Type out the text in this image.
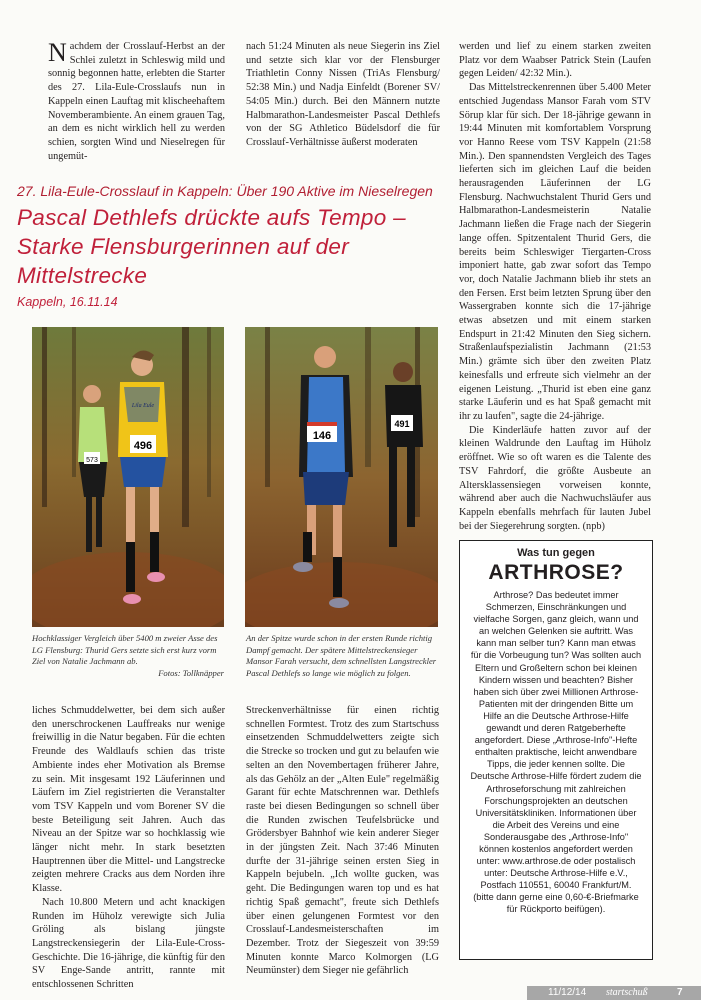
Nachdem der Crosslauf-Herbst an der Schlei zuletzt in Schleswig mild und sonnig begonnen hatte, erlebten die Starter des 27. Lila-Eule-Crosslaufs nun in Kappeln einen Lauftag mit klischeehaftem Novemberambiente. An einem grauen Tag, an dem es nicht wirklich hell zu werden schien, sorgten Wind und Nieselregen für ungemüt-

nach 51:24 Minuten als neue Siegerin ins Ziel und setzte sich klar vor der Flensburger Triathletin Conny Nissen (TriAs Flensburg/ 52:38 Min.) und Nadja Einfeldt (Borener SV/ 54:05 Min.) durch. Bei den Männern nutzte Halbmarathon-Landesmeister Pascal Dethlefs von der SG Athletico Büdelsdorf die für Crosslauf-Verhältnisse äußerst moderaten

werden und lief zu einem starken zweiten Platz vor dem Waabser Patrick Stein (Laufen gegen Leiden/ 42:32 Min.).

Das Mittelstreckenrennen über 5.400 Meter entschied Jugendass Mansor Farah vom STV Sörup klar für sich. Der 18-jährige gewann in 19:44 Minuten mit komfortablem Vorsprung vor Hanno Reese vom TSV Kappeln (21:58 Min.). Den spannendsten Vergleich des Tages lieferten sich im gleichen Lauf die beiden herausragenden Läuferinnen der LG Flensburg. Nachwuchstalent Thurid Gers und Halbmarathon-Landesmeisterin Natalie Jachmann ließen die Frage nach der Siegerin lange offen. Spitzentalent Thurid Gers, die bereits beim Schleswiger Tiergarten-Cross imponiert hatte, gab zwar sofort das Tempo vor, doch Natalie Jachmann blieb ihr stets an den Fersen. Erst beim letzten Sprung über den Wassergraben konnte sich die 17-jährige etwas absetzen und mit einem starken Endspurt in 21:42 Minuten den Sieg sichern. Straßenlaufspezialistin Jachmann (21:53 Min.) grämte sich über den zweiten Platz keinesfalls und erfreute sich vielmehr an der eigenen Leistung. „Thurid ist eben eine ganz starke Läuferin und es hat Spaß gemacht mit ihr zu laufen", sagte die 24-jährige.

Die Kinderläufe hatten zuvor auf der kleinen Waldrunde den Lauftag im Hüholz eröffnet. Wie so oft waren es die Talente des TSV Fahrdorf, die größte Ausbeute an Altersklassensiegen vorweisen konnte, während aber auch die Nachwuchsläufer aus Kappeln ebenfalls mehrfach für lauten Jubel bei der Siegerehrung sorgten. (npb)

27. Lila-Eule-Crosslauf in Kappeln: Über 190 Aktive im Nieselregen
Pascal Dethlefs drückte aufs Tempo –
Starke Flensburgerinnen auf der
Mittelstrecke
Kappeln, 16.11.14
573
Lila Eule
496
491
146
Hochklassiger Vergleich über 5400 m zweier Asse des LG Flensburg: Thurid Gers setzte sich erst kurz vorm Ziel von Natalie Jachmann ab.
Fotos: Tollknäpper
An der Spitze wurde schon in der ersten Runde richtig Dampf gemacht. Der spätere Mittelstreckensieger Mansor Farah versucht, dem schnellsten Langstreckler Pascal Dethlefs so lange wie möglich zu folgen.

liches Schmuddelwetter, bei dem sich außer den unerschrockenen Lauffreaks nur wenige freiwillig in die Natur begaben. Für die echten Freunde des Waldlaufs schien das triste Ambiente indes eher Motivation als Bremse zu sein. Mit insgesamt 192 Läuferinnen und Läufern im Ziel registrierten die Veranstalter vom TSV Kappeln und vom Borener SV die beste Beteiligung seit Jahren. Auch das Niveau an der Spitze war so hochklassig wie länger nicht mehr. In stark besetzten Hauptrennen über die Mittel- und Langstrecke zeigten mehrere Cracks aus dem Norden ihre Klasse.

Nach 10.800 Metern und acht knackigen Runden im Hüholz verewigte sich Julia Gröling als bislang jüngste Langstreckensiegerin der Lila-Eule-Cross-Geschichte. Die 16-jährige, die künftig für den SV Enge-Sande antritt, rannte mit entschlossenen Schritten

Streckenverhältnisse für einen richtig schnellen Formtest. Trotz des zum Startschuss einsetzenden Schmuddelwetters zeigte sich die Strecke so trocken und gut zu belaufen wie selten an den Novembertagen früherer Jahre, als das Gehölz an der „Alten Eule" regelmäßig Garant für echte Matschrennen war. Dethlefs raste bei diesen Bedingungen so schnell über die Runden zwischen Teufelsbrücke und Grödersbyer Bahnhof wie kein anderer Sieger in der jüngsten Zeit. Nach 37:46 Minuten durfte der 31-jährige seinen ersten Sieg in Kappeln bejubeln. „Ich wollte gucken, was geht. Die Bedingungen waren top und es hat richtig Spaß gemacht", freute sich Dethlefs über einen gelungenen Formtest vor den Crosslauf-Landesmeisterschaften im Dezember. Trotz der Siegeszeit von 39:59 Minuten konnte Marco Kolmorgen (LG Neumünster) dem Sieger nie gefährlich

Was tun gegen
ARTHROSE?
Arthrose? Das bedeutet immer Schmerzen, Einschränkungen und vielfache Sorgen, ganz gleich, wann und an welchen Gelenken sie auftritt. Was kann man selber tun? Kann man etwas für die Vorbeugung tun? Was sollten auch Eltern und Großeltern schon bei kleinen Kindern wissen und beachten? Bisher haben sich über zwei Millionen Arthrose-Patienten mit der dringenden Bitte um Hilfe an die Deutsche Arthrose-Hilfe gewandt und deren Ratgeberhefte angefordert. Diese „Arthrose-Info"-Hefte enthalten praktische, leicht anwendbare Tipps, die jeder kennen sollte. Die Deutsche Arthrose-Hilfe fördert zudem die Arthroseforschung mit zahlreichen Forschungsprojekten an deutschen Universitätskliniken. Informationen über die Arbeit des Vereins und eine Sonderausgabe des „Arthrose-Info" können kostenlos angefordert werden unter: www.arthrose.de oder postalisch unter: Deutsche Arthrose-Hilfe e.V., Postfach 110551, 60040 Frankfurt/M. (bitte dann gerne eine 0,60-€-Briefmarke für Rückporto beifügen).
11/12/14 startschuß	7
